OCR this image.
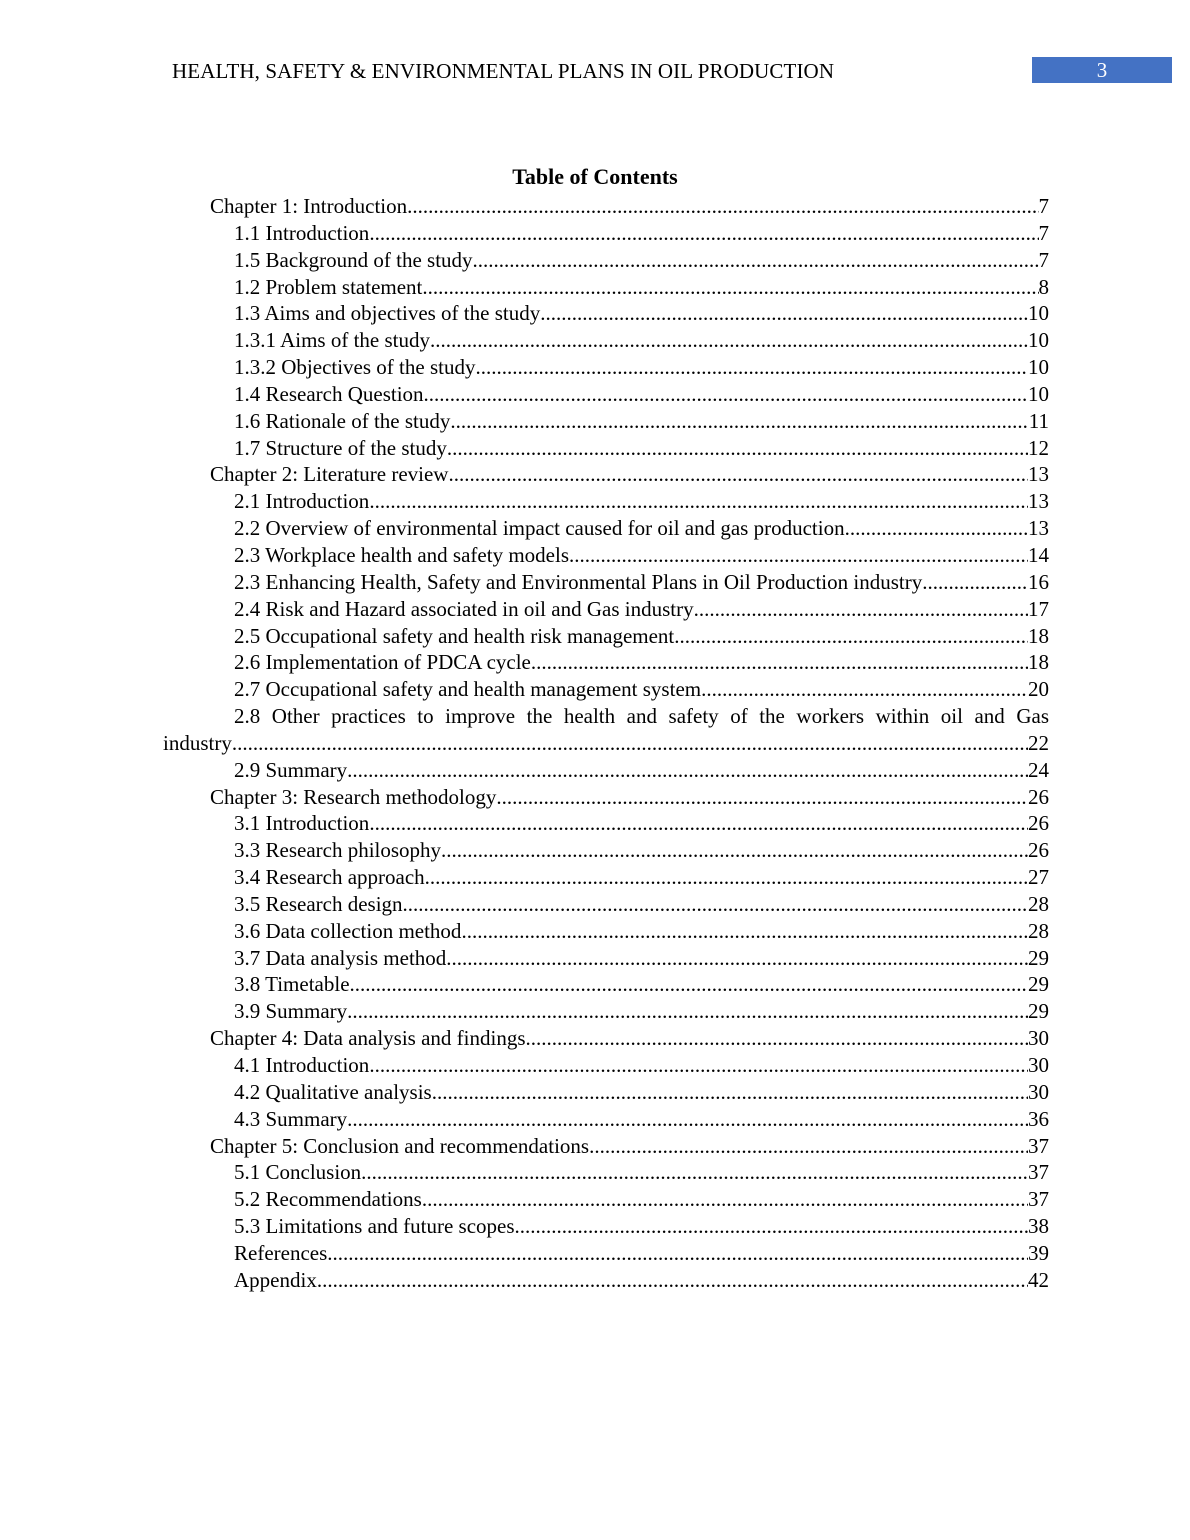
HEALTH, SAFETY & ENVIRONMENTAL PLANS IN OIL PRODUCTION	3
Table of Contents
Chapter 1: Introduction .....	7
1.1 Introduction .....	7
1.5 Background of the study .....	7
1.2 Problem statement .....	8
1.3 Aims and objectives of the study .....	10
1.3.1 Aims of the study .....	10
1.3.2 Objectives of the study .....	10
1.4 Research Question .....	10
1.6 Rationale of the study .....	11
1.7 Structure of the study .....	12
Chapter 2: Literature review .....	13
2.1 Introduction .....	13
2.2 Overview of environmental impact caused for oil and gas production .....	13
2.3 Workplace health and safety models .....	14
2.3 Enhancing Health, Safety and Environmental Plans in Oil Production industry .....	16
2.4 Risk and Hazard associated in oil and Gas industry .....	17
2.5 Occupational safety and health risk management .....	18
2.6 Implementation of PDCA cycle .....	18
2.7 Occupational safety and health management system .....	20
2.8 Other practices to improve the health and safety of the workers within oil and Gas
industry .....	22
2.9 Summary .....	24
Chapter 3: Research methodology .....	26
3.1 Introduction .....	26
3.3 Research philosophy .....	26
3.4 Research approach .....	27
3.5 Research design .....	28
3.6 Data collection method .....	28
3.7 Data analysis method .....	29
3.8 Timetable .....	29
3.9 Summary .....	29
Chapter 4: Data analysis and findings .....	30
4.1 Introduction .....	30
4.2 Qualitative analysis .....	30
4.3 Summary .....	36
Chapter 5: Conclusion and recommendations .....	37
5.1 Conclusion .....	37
5.2 Recommendations .....	37
5.3 Limitations and future scopes .....	38
References .....	39
Appendix .....	42
